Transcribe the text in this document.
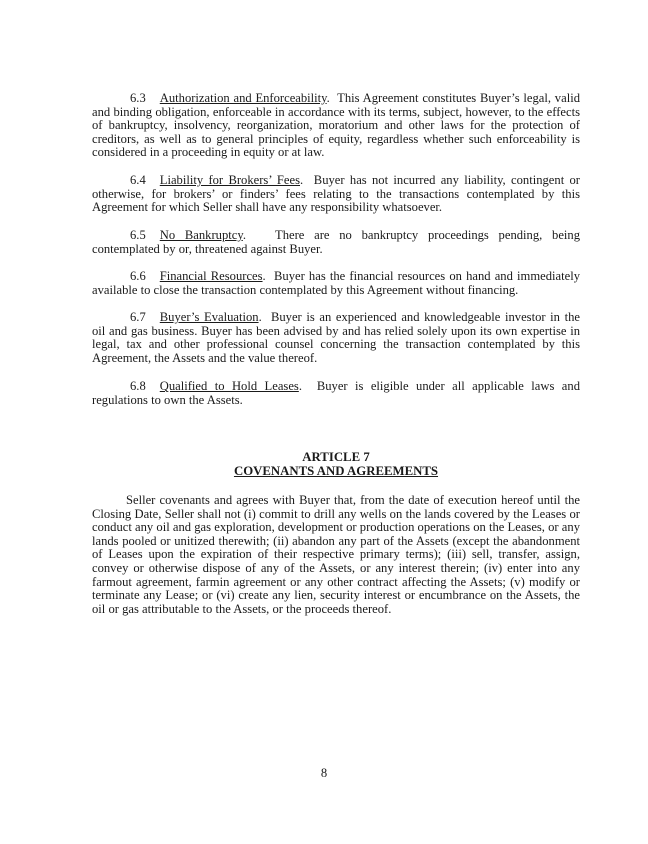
6.3 Authorization and Enforceability.  This Agreement constitutes Buyer’s legal, valid and binding obligation, enforceable in accordance with its terms, subject, however, to the effects of bankruptcy, insolvency, reorganization, moratorium and other laws for the protection of creditors, as well as to general principles of equity, regardless whether such enforceability is considered in a proceeding in equity or at law.

6.4 Liability for Brokers’ Fees.  Buyer has not incurred any liability, contingent or otherwise, for brokers’ or finders’ fees relating to the transactions contemplated by this Agreement for which Seller shall have any responsibility whatsoever.

6.5 No Bankruptcy.   There are no bankruptcy proceedings pending, being contemplated by or, threatened against Buyer.

6.6 Financial Resources.  Buyer has the financial resources on hand and immediately available to close the transaction contemplated by this Agreement without financing.

6.7 Buyer’s Evaluation.  Buyer is an experienced and knowledgeable investor in the oil and gas business. Buyer has been advised by and has relied solely upon its own expertise in legal, tax and other professional counsel concerning the transaction contemplated by this Agreement, the Assets and the value thereof.

6.8 Qualified to Hold Leases.  Buyer is eligible under all applicable laws and regulations to own the Assets.

ARTICLE 7

COVENANTS AND AGREEMENTS

Seller covenants and agrees with Buyer that, from the date of execution hereof until the Closing Date, Seller shall not (i) commit to drill any wells on the lands covered by the Leases or conduct any oil and gas exploration, development or production operations on the Leases, or any lands pooled or unitized therewith; (ii) abandon any part of the Assets (except the abandonment of Leases upon the expiration of their respective primary terms); (iii) sell, transfer, assign, convey or otherwise dispose of any of the Assets, or any interest therein; (iv) enter into any farmout agreement, farmin agreement or any other contract affecting the Assets; (v) modify or terminate any Lease; or (vi) create any lien, security interest or encumbrance on the Assets, the oil or gas attributable to the Assets, or the proceeds thereof.

8
